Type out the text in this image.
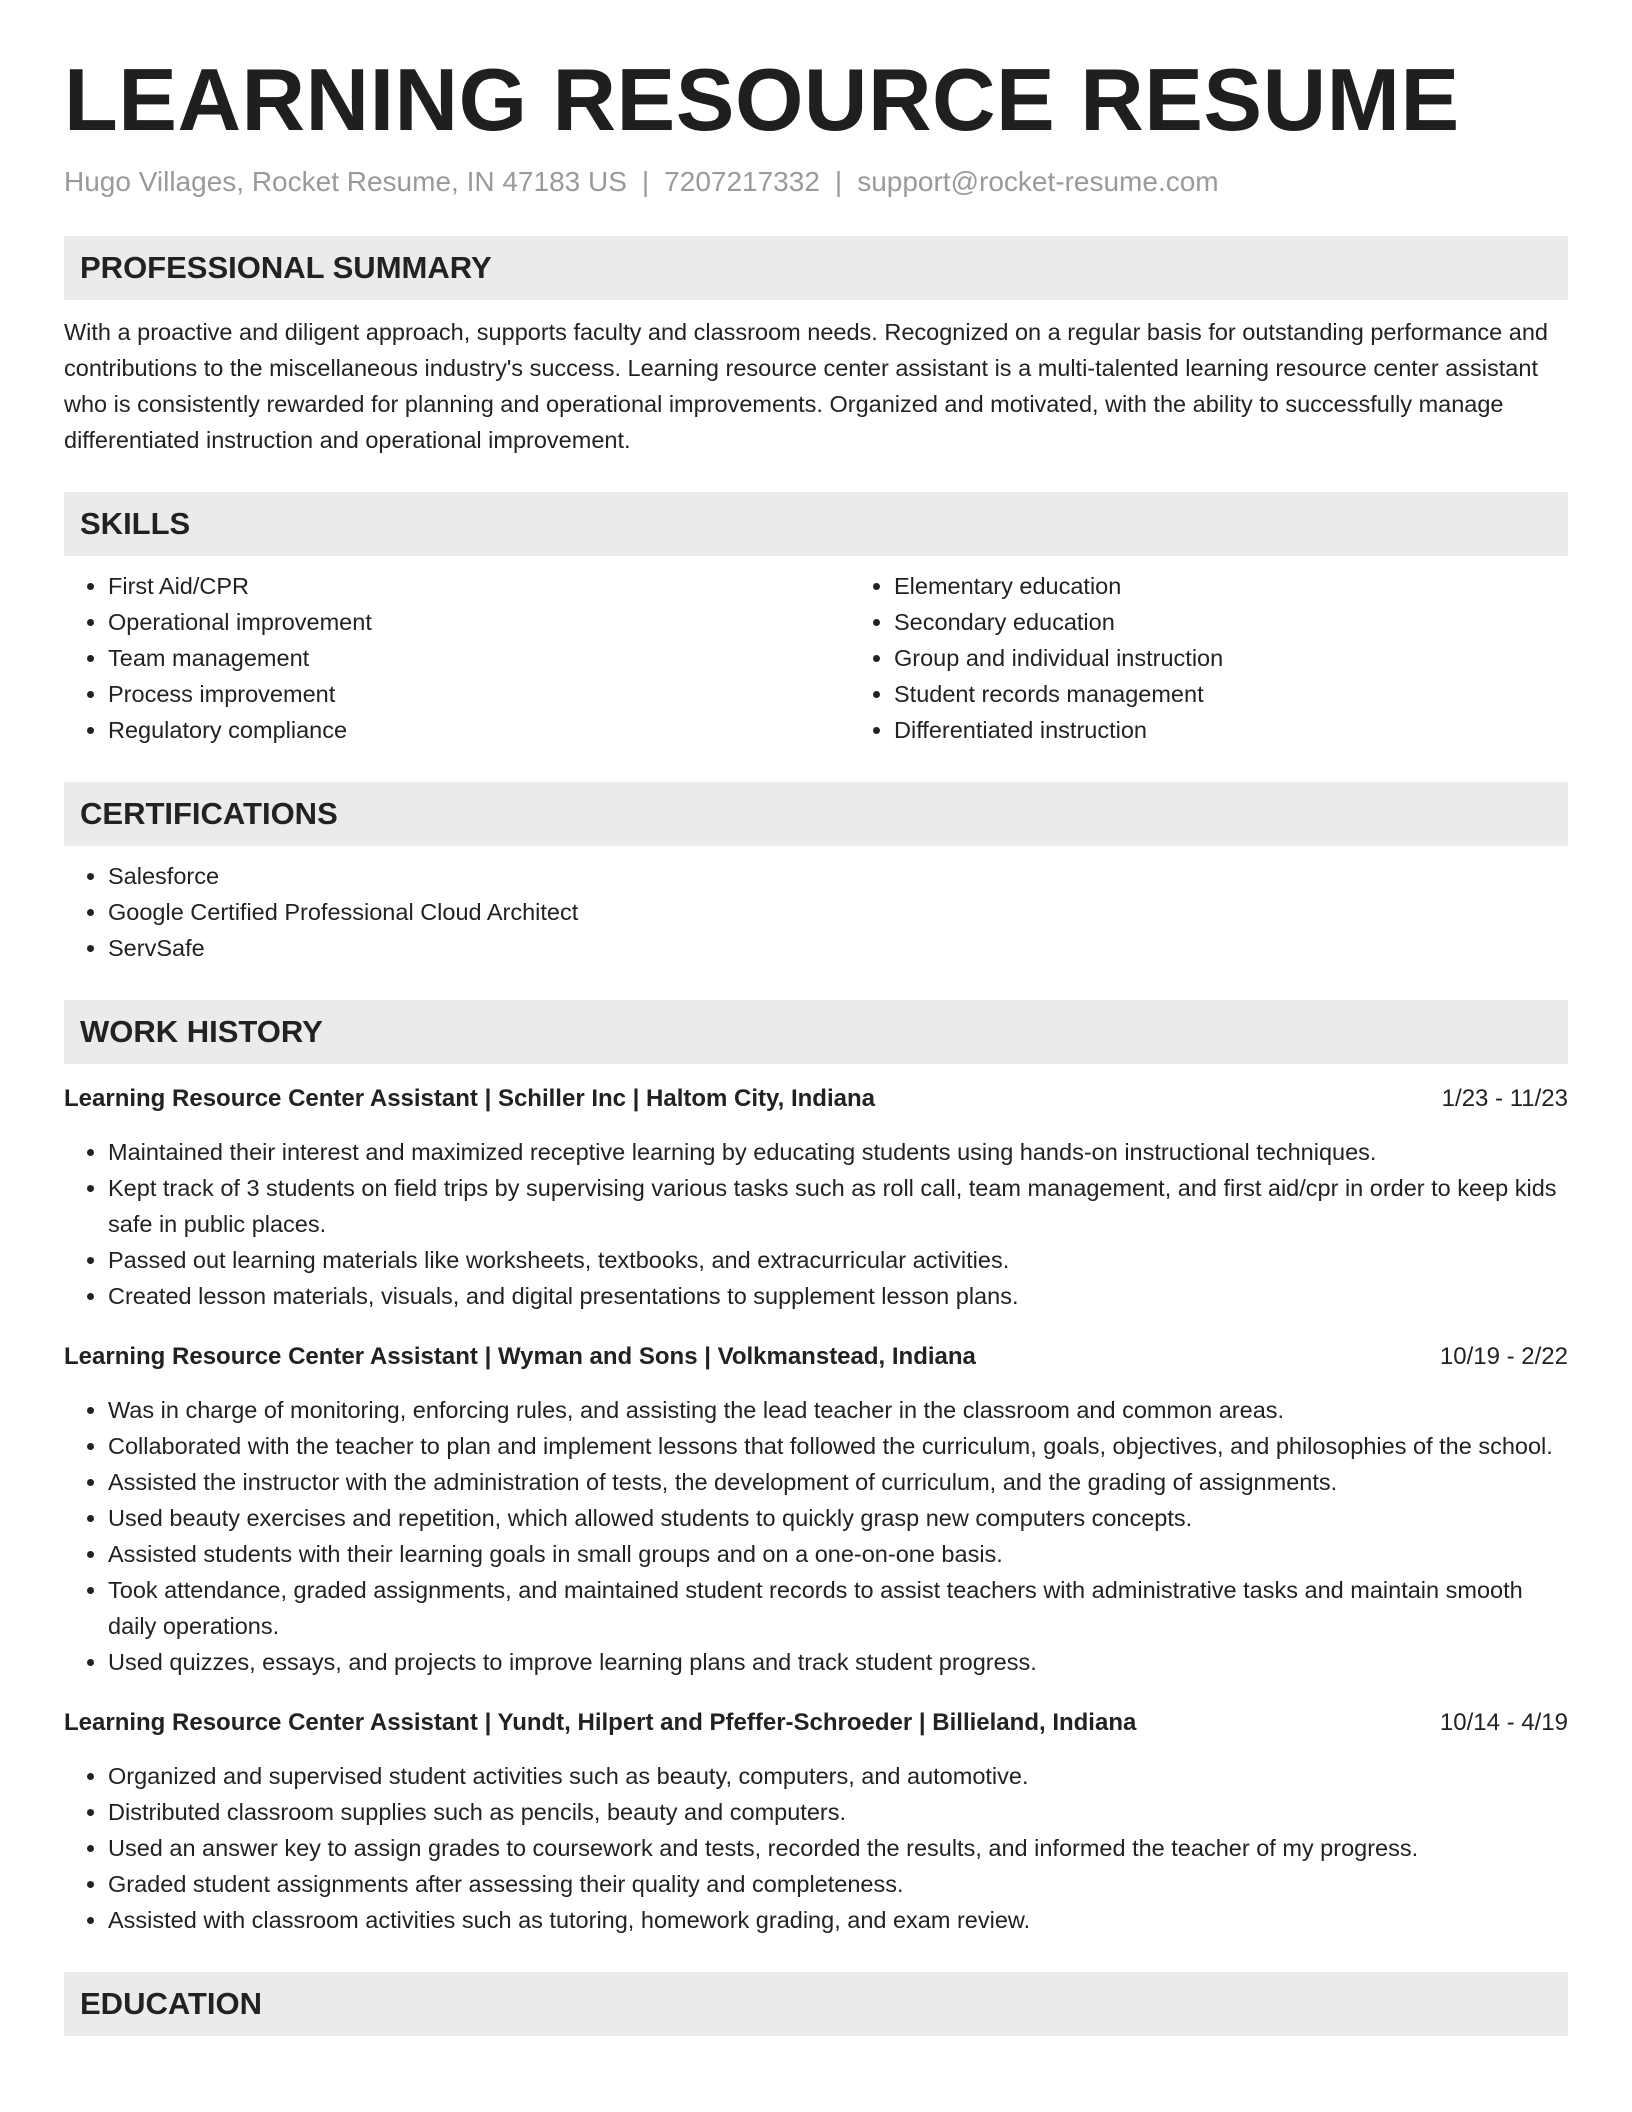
LEARNING RESOURCE RESUME
Hugo Villages, Rocket Resume, IN 47183 US | 7207217332 | support@rocket-resume.com
PROFESSIONAL SUMMARY

With a proactive and diligent approach, supports faculty and classroom needs. Recognized on a regular basis for outstanding performance and contributions to the miscellaneous industry's success. Learning resource center assistant is a multi-talented learning resource center assistant who is consistently rewarded for planning and operational improvements. Organized and motivated, with the ability to successfully manage differentiated instruction and operational improvement.

SKILLS
• First Aid/CPR
• Operational improvement
• Team management
• Process improvement
• Regulatory compliance
• Elementary education
• Secondary education
• Group and individual instruction
• Student records management
• Differentiated instruction
CERTIFICATIONS
• Salesforce
• Google Certified Professional Cloud Architect
• ServSafe
WORK HISTORY
Learning Resource Center Assistant | Schiller Inc | Haltom City, Indiana	1/23 - 11/23
• Maintained their interest and maximized receptive learning by educating students using hands-on instructional techniques.
• Kept track of 3 students on field trips by supervising various tasks such as roll call, team management, and first aid/cpr in order to keep kids safe in public places.
• Passed out learning materials like worksheets, textbooks, and extracurricular activities.
• Created lesson materials, visuals, and digital presentations to supplement lesson plans.
Learning Resource Center Assistant | Wyman and Sons | Volkmanstead, Indiana	10/19 - 2/22
• Was in charge of monitoring, enforcing rules, and assisting the lead teacher in the classroom and common areas.
• Collaborated with the teacher to plan and implement lessons that followed the curriculum, goals, objectives, and philosophies of the school.
• Assisted the instructor with the administration of tests, the development of curriculum, and the grading of assignments.
• Used beauty exercises and repetition, which allowed students to quickly grasp new computers concepts.
• Assisted students with their learning goals in small groups and on a one-on-one basis.
• Took attendance, graded assignments, and maintained student records to assist teachers with administrative tasks and maintain smooth daily operations.
• Used quizzes, essays, and projects to improve learning plans and track student progress.
Learning Resource Center Assistant | Yundt, Hilpert and Pfeffer-Schroeder | Billieland, Indiana	10/14 - 4/19
• Organized and supervised student activities such as beauty, computers, and automotive.
• Distributed classroom supplies such as pencils, beauty and computers.
• Used an answer key to assign grades to coursework and tests, recorded the results, and informed the teacher of my progress.
• Graded student assignments after assessing their quality and completeness.
• Assisted with classroom activities such as tutoring, homework grading, and exam review.
EDUCATION
